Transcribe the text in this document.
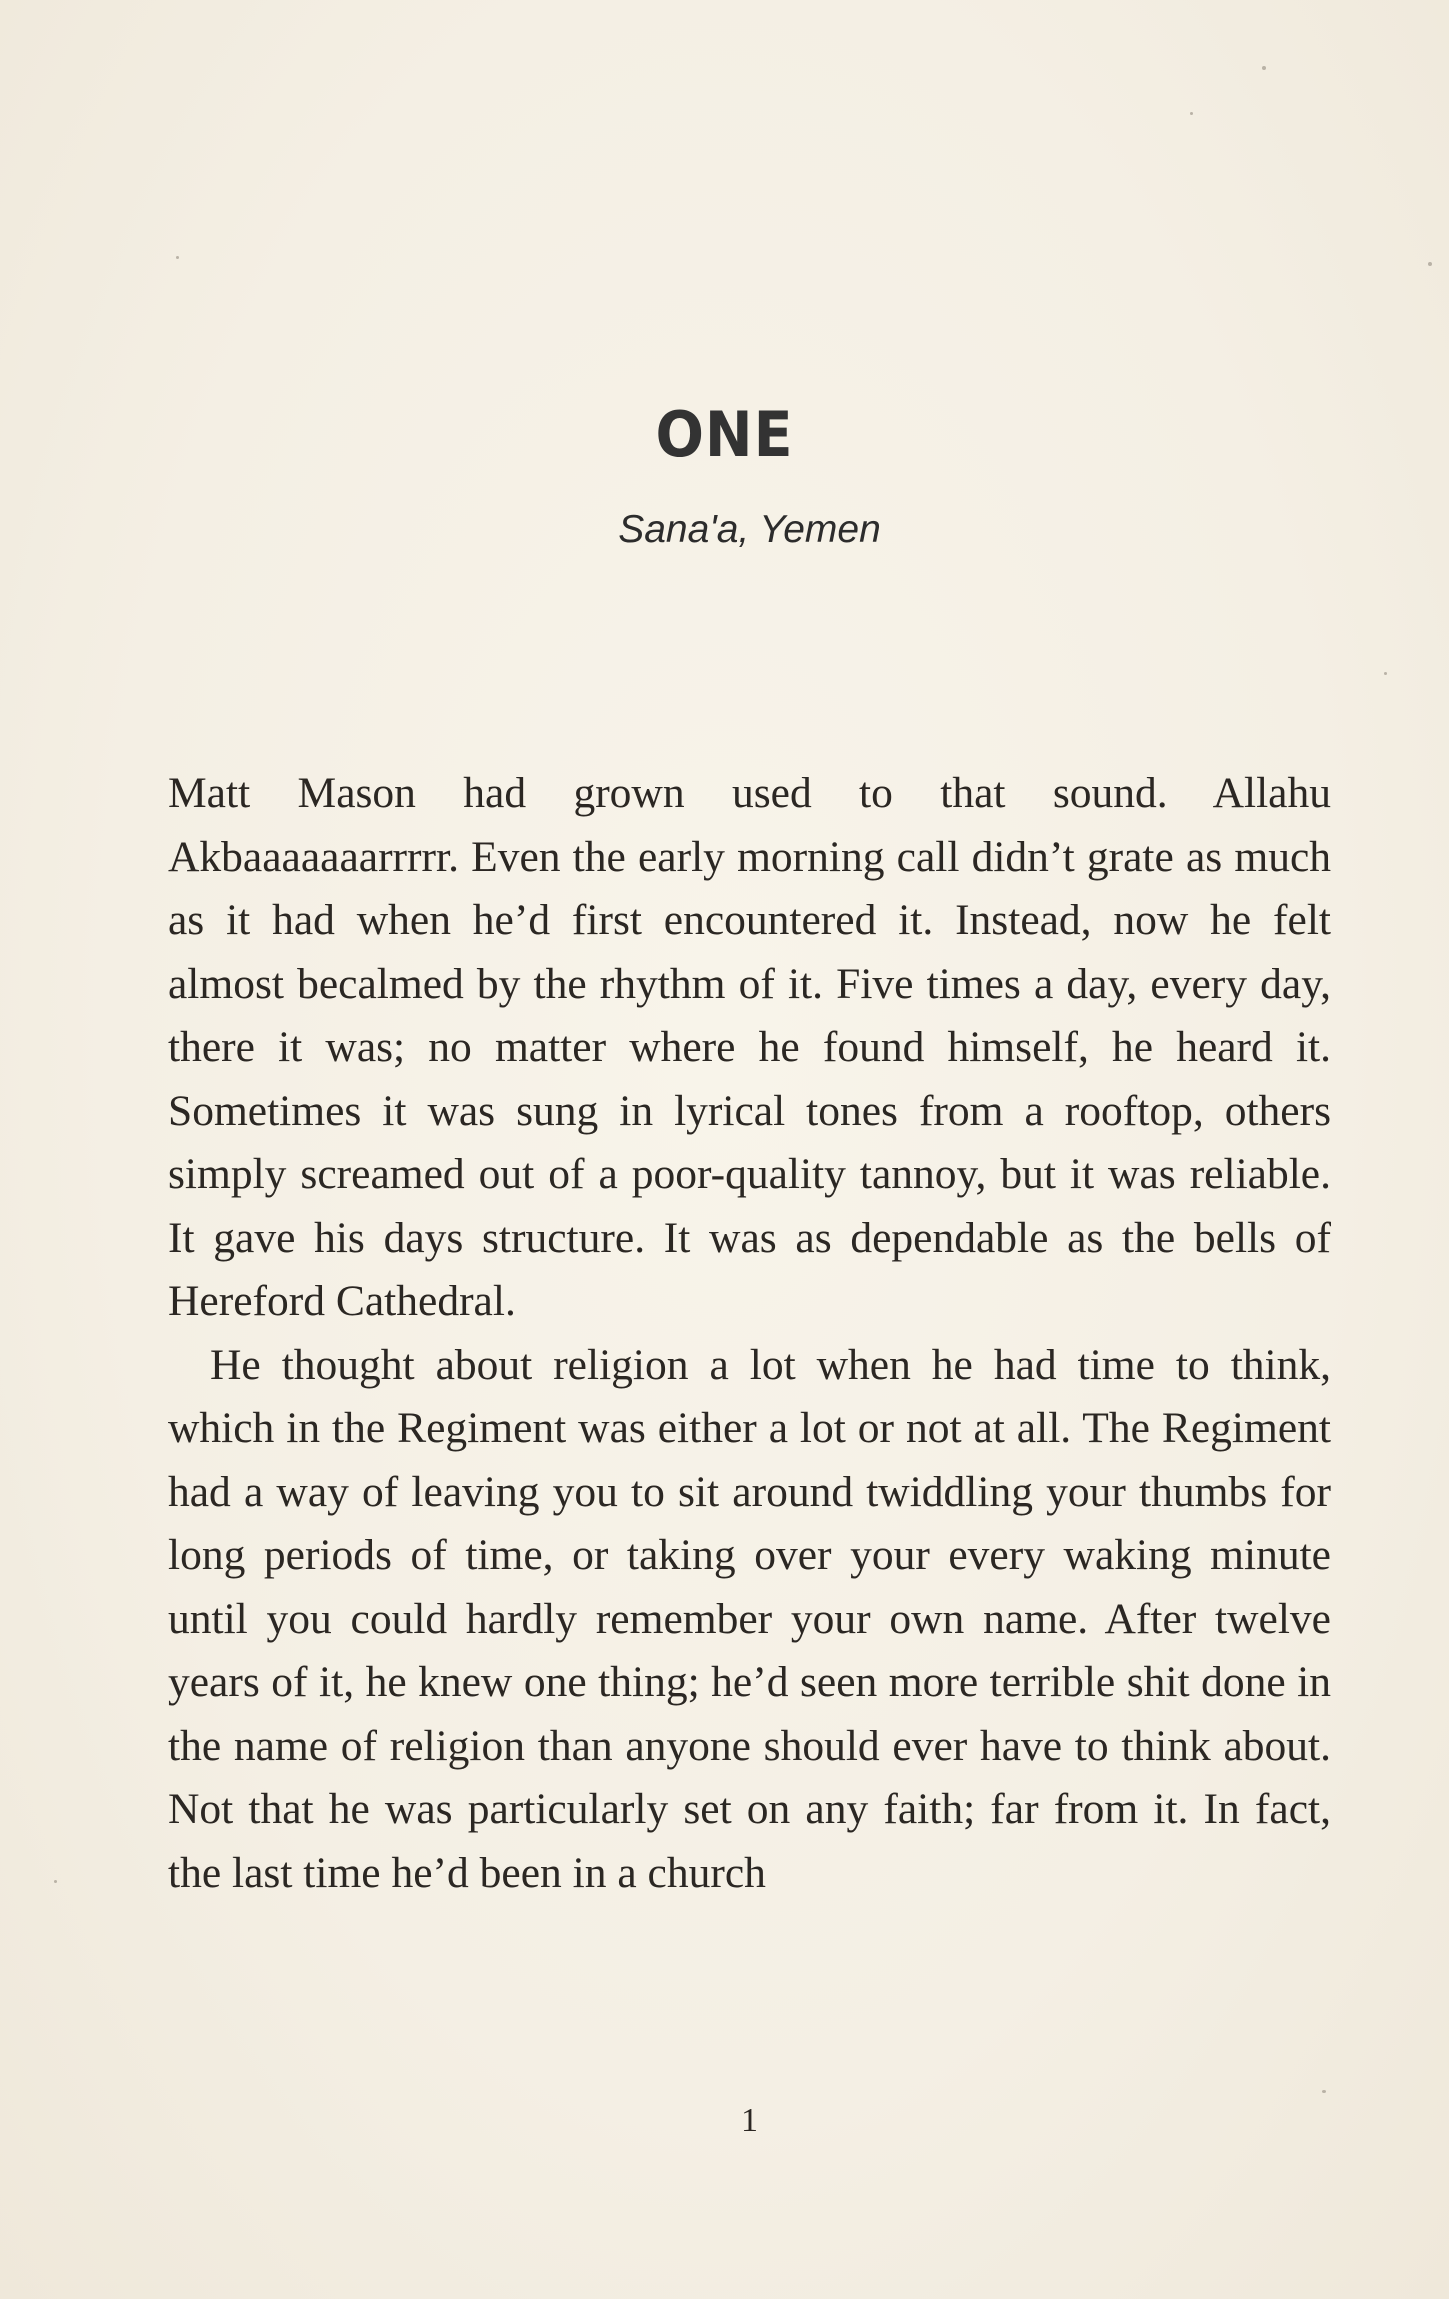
ONE
Sana'a, Yemen

Matt Mason had grown used to that sound. Allahu Akbaaaaaaarrrrr. Even the early morning call didn’t grate as much as it had when he’d first encountered it. Instead, now he felt almost becalmed by the rhythm of it. Five times a day, every day, there it was; no matter where he found himself, he heard it. Sometimes it was sung in lyrical tones from a rooftop, others simply screamed out of a poor-quality tannoy, but it was reliable. It gave his days structure. It was as dependable as the bells of Hereford Cathedral.

He thought about religion a lot when he had time to think, which in the Regiment was either a lot or not at all. The Regiment had a way of leaving you to sit around twiddling your thumbs for long periods of time, or taking over your every waking minute until you could hardly remember your own name. After twelve years of it, he knew one thing; he’d seen more terrible shit done in the name of religion than anyone should ever have to think about. Not that he was particularly set on any faith; far from it. In fact, the last time he’d been in a church

1
